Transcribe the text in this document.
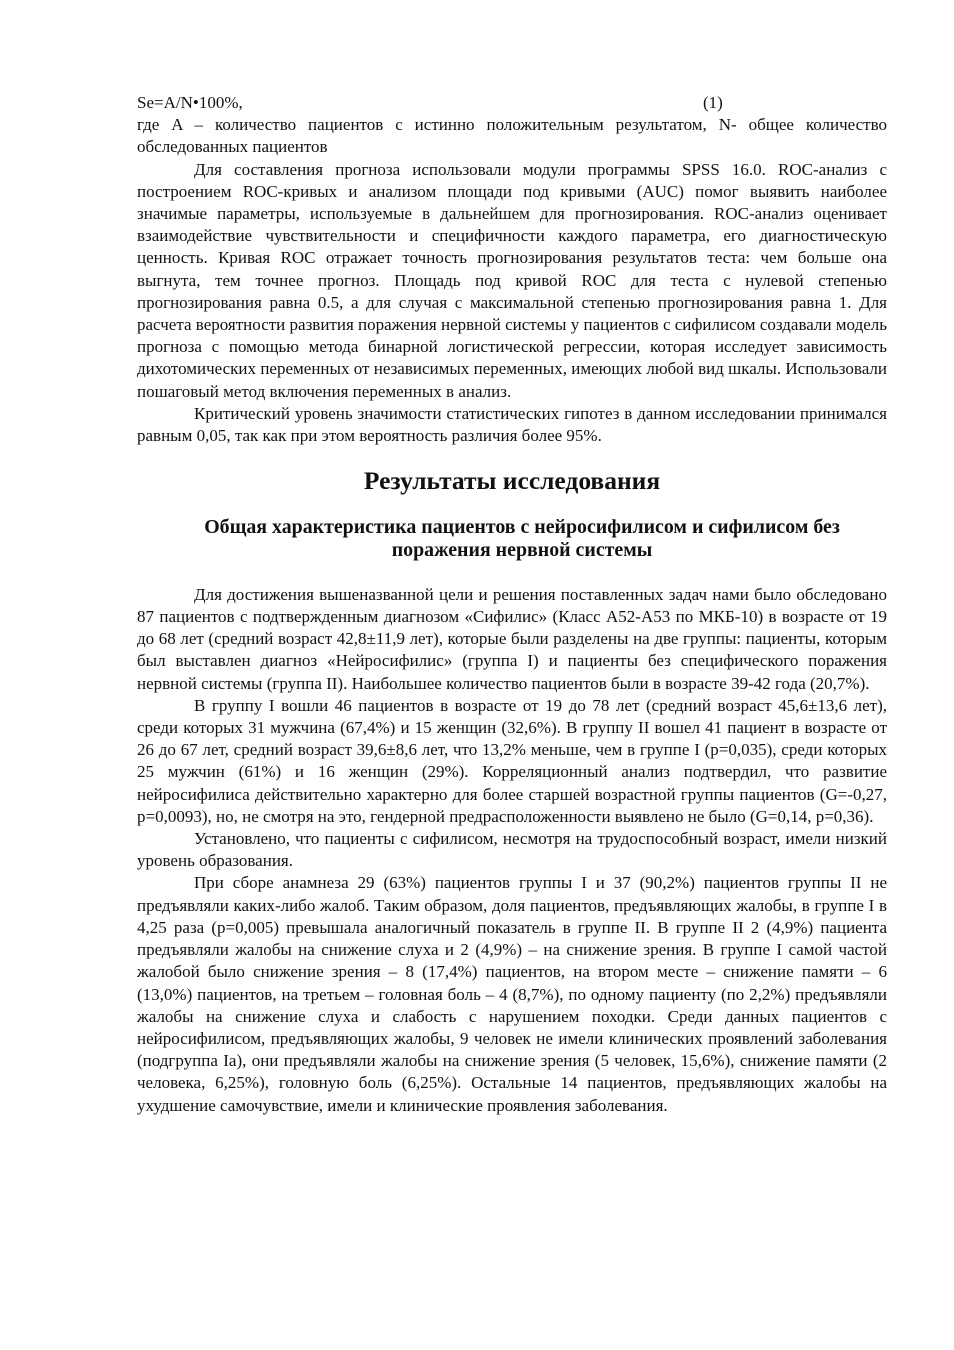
Se=A/N•100%,	(1)

где A – количество пациентов с истинно положительным результатом, N- общее количество обследованных пациентов

Для составления прогноза использовали модули программы SPSS 16.0. ROC-анализ с построением ROC-кривых и анализом площади под кривыми (AUC) помог выявить наиболее значимые параметры, используемые в дальнейшем для прогнозирования. ROC-анализ оценивает взаимодействие чувствительности и специфичности каждого параметра, его диагностическую ценность. Кривая ROC отражает точность прогнозирования результатов теста: чем больше она выгнута, тем точнее прогноз. Площадь под кривой ROC для теста с нулевой степенью прогнозирования равна 0.5, а для случая с максимальной степенью прогнозирования равна 1. Для расчета вероятности развития поражения нервной системы у пациентов с сифилисом создавали модель прогноза с помощью метода бинарной логистической регрессии, которая исследует зависимость дихотомических переменных от независимых переменных, имеющих любой вид шкалы. Использовали пошаговый метод включения переменных в анализ.

Критический уровень значимости статистических гипотез в данном исследовании принимался равным 0,05, так как при этом вероятность различия более 95%.

Результаты исследования
Общая характеристика пациентов с нейросифилисом и сифилисом без поражения нервной системы

Для достижения вышеназванной цели и решения поставленных задач нами было обследовано 87 пациентов с подтвержденным диагнозом «Сифилис» (Класс А52-А53 по МКБ-10) в возрасте от 19 до 68 лет (средний возраст 42,8±11,9 лет), которые были разделены на две группы: пациенты, которым был выставлен диагноз «Нейросифилис» (группа I) и пациенты без специфического поражения нервной системы (группа II). Наибольшее количество пациентов были в возрасте 39-42 года (20,7%).

В группу I вошли 46 пациентов в возрасте от 19 до 78 лет (средний возраст 45,6±13,6 лет), среди которых 31 мужчина (67,4%) и 15 женщин (32,6%). В группу II вошел 41 пациент в возрасте от 26 до 67 лет, средний возраст 39,6±8,6 лет, что 13,2% меньше, чем в группе I (р=0,035), среди которых 25 мужчин (61%) и 16 женщин (29%). Корреляционный анализ подтвердил, что развитие нейросифилиса действительно характерно для более старшей возрастной группы пациентов (G=-0,27, р=0,0093), но, не смотря на это, гендерной предрасположенности выявлено не было (G=0,14, р=0,36).

Установлено, что пациенты с сифилисом, несмотря на трудоспособный возраст, имели низкий уровень образования.

При сборе анамнеза 29 (63%) пациентов группы I и 37 (90,2%) пациентов группы II не предъявляли каких-либо жалоб. Таким образом, доля пациентов, предъявляющих жалобы, в группе I в 4,25 раза (р=0,005) превышала аналогичный показатель в группе II. В группе II 2 (4,9%) пациента предъявляли жалобы на снижение слуха и 2 (4,9%) – на снижение зрения. В группе I самой частой жалобой было снижение зрения – 8 (17,4%) пациентов, на втором месте – снижение памяти – 6 (13,0%) пациентов, на третьем – головная боль – 4 (8,7%), по одному пациенту (по 2,2%) предъявляли жалобы на снижение слуха и слабость с нарушением походки. Среди данных пациентов с нейросифилисом, предъявляющих жалобы, 9 человек не имели клинических проявлений заболевания (подгруппа Ia), они предъявляли жалобы на снижение зрения (5 человек, 15,6%), снижение памяти (2 человека, 6,25%), головную боль (6,25%). Остальные 14 пациентов, предъявляющих жалобы на ухудшение самочувствие, имели и клинические проявления заболевания.
